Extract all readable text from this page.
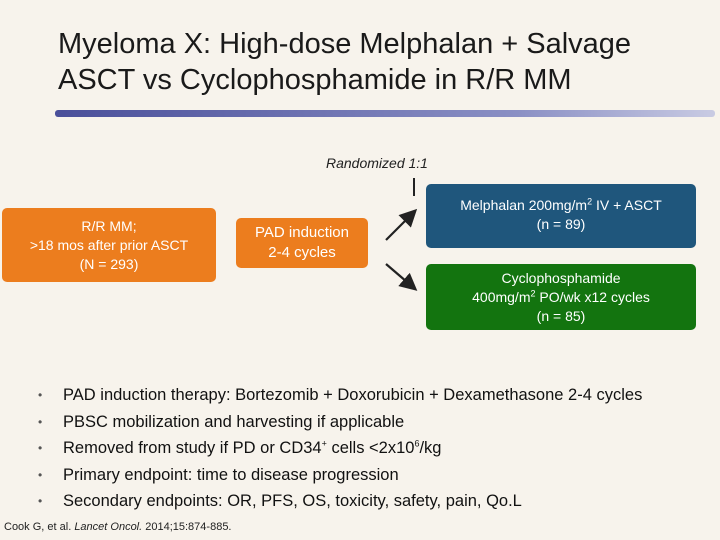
Myeloma X: High-dose Melphalan + Salvage
ASCT vs Cyclophosphamide in R/R MM
Randomized 1:1
R/R MM;
>18 mos after prior ASCT
(N = 293)
PAD induction
2-4 cycles
Melphalan $200mg/m^2$ IV + ASCT
(n = 89)
Cyclophosphamide
$400mg/m^2$ PO/wk x12 cycles
(n = 85)
• PAD induction therapy: Bortezomib + Doxorubicin + Dexamethasone 2-4 cycles
• PBSC mobilization and harvesting if applicable
• Removed from study if PD or CD34+ cells $<2x10^6/kg$
• Primary endpoint: time to disease progression
• Secondary endpoints: OR, PFS, OS, toxicity, safety, pain, Qo.L
Cook G, et al. Lancet Oncol. 2014;15:874-885.
